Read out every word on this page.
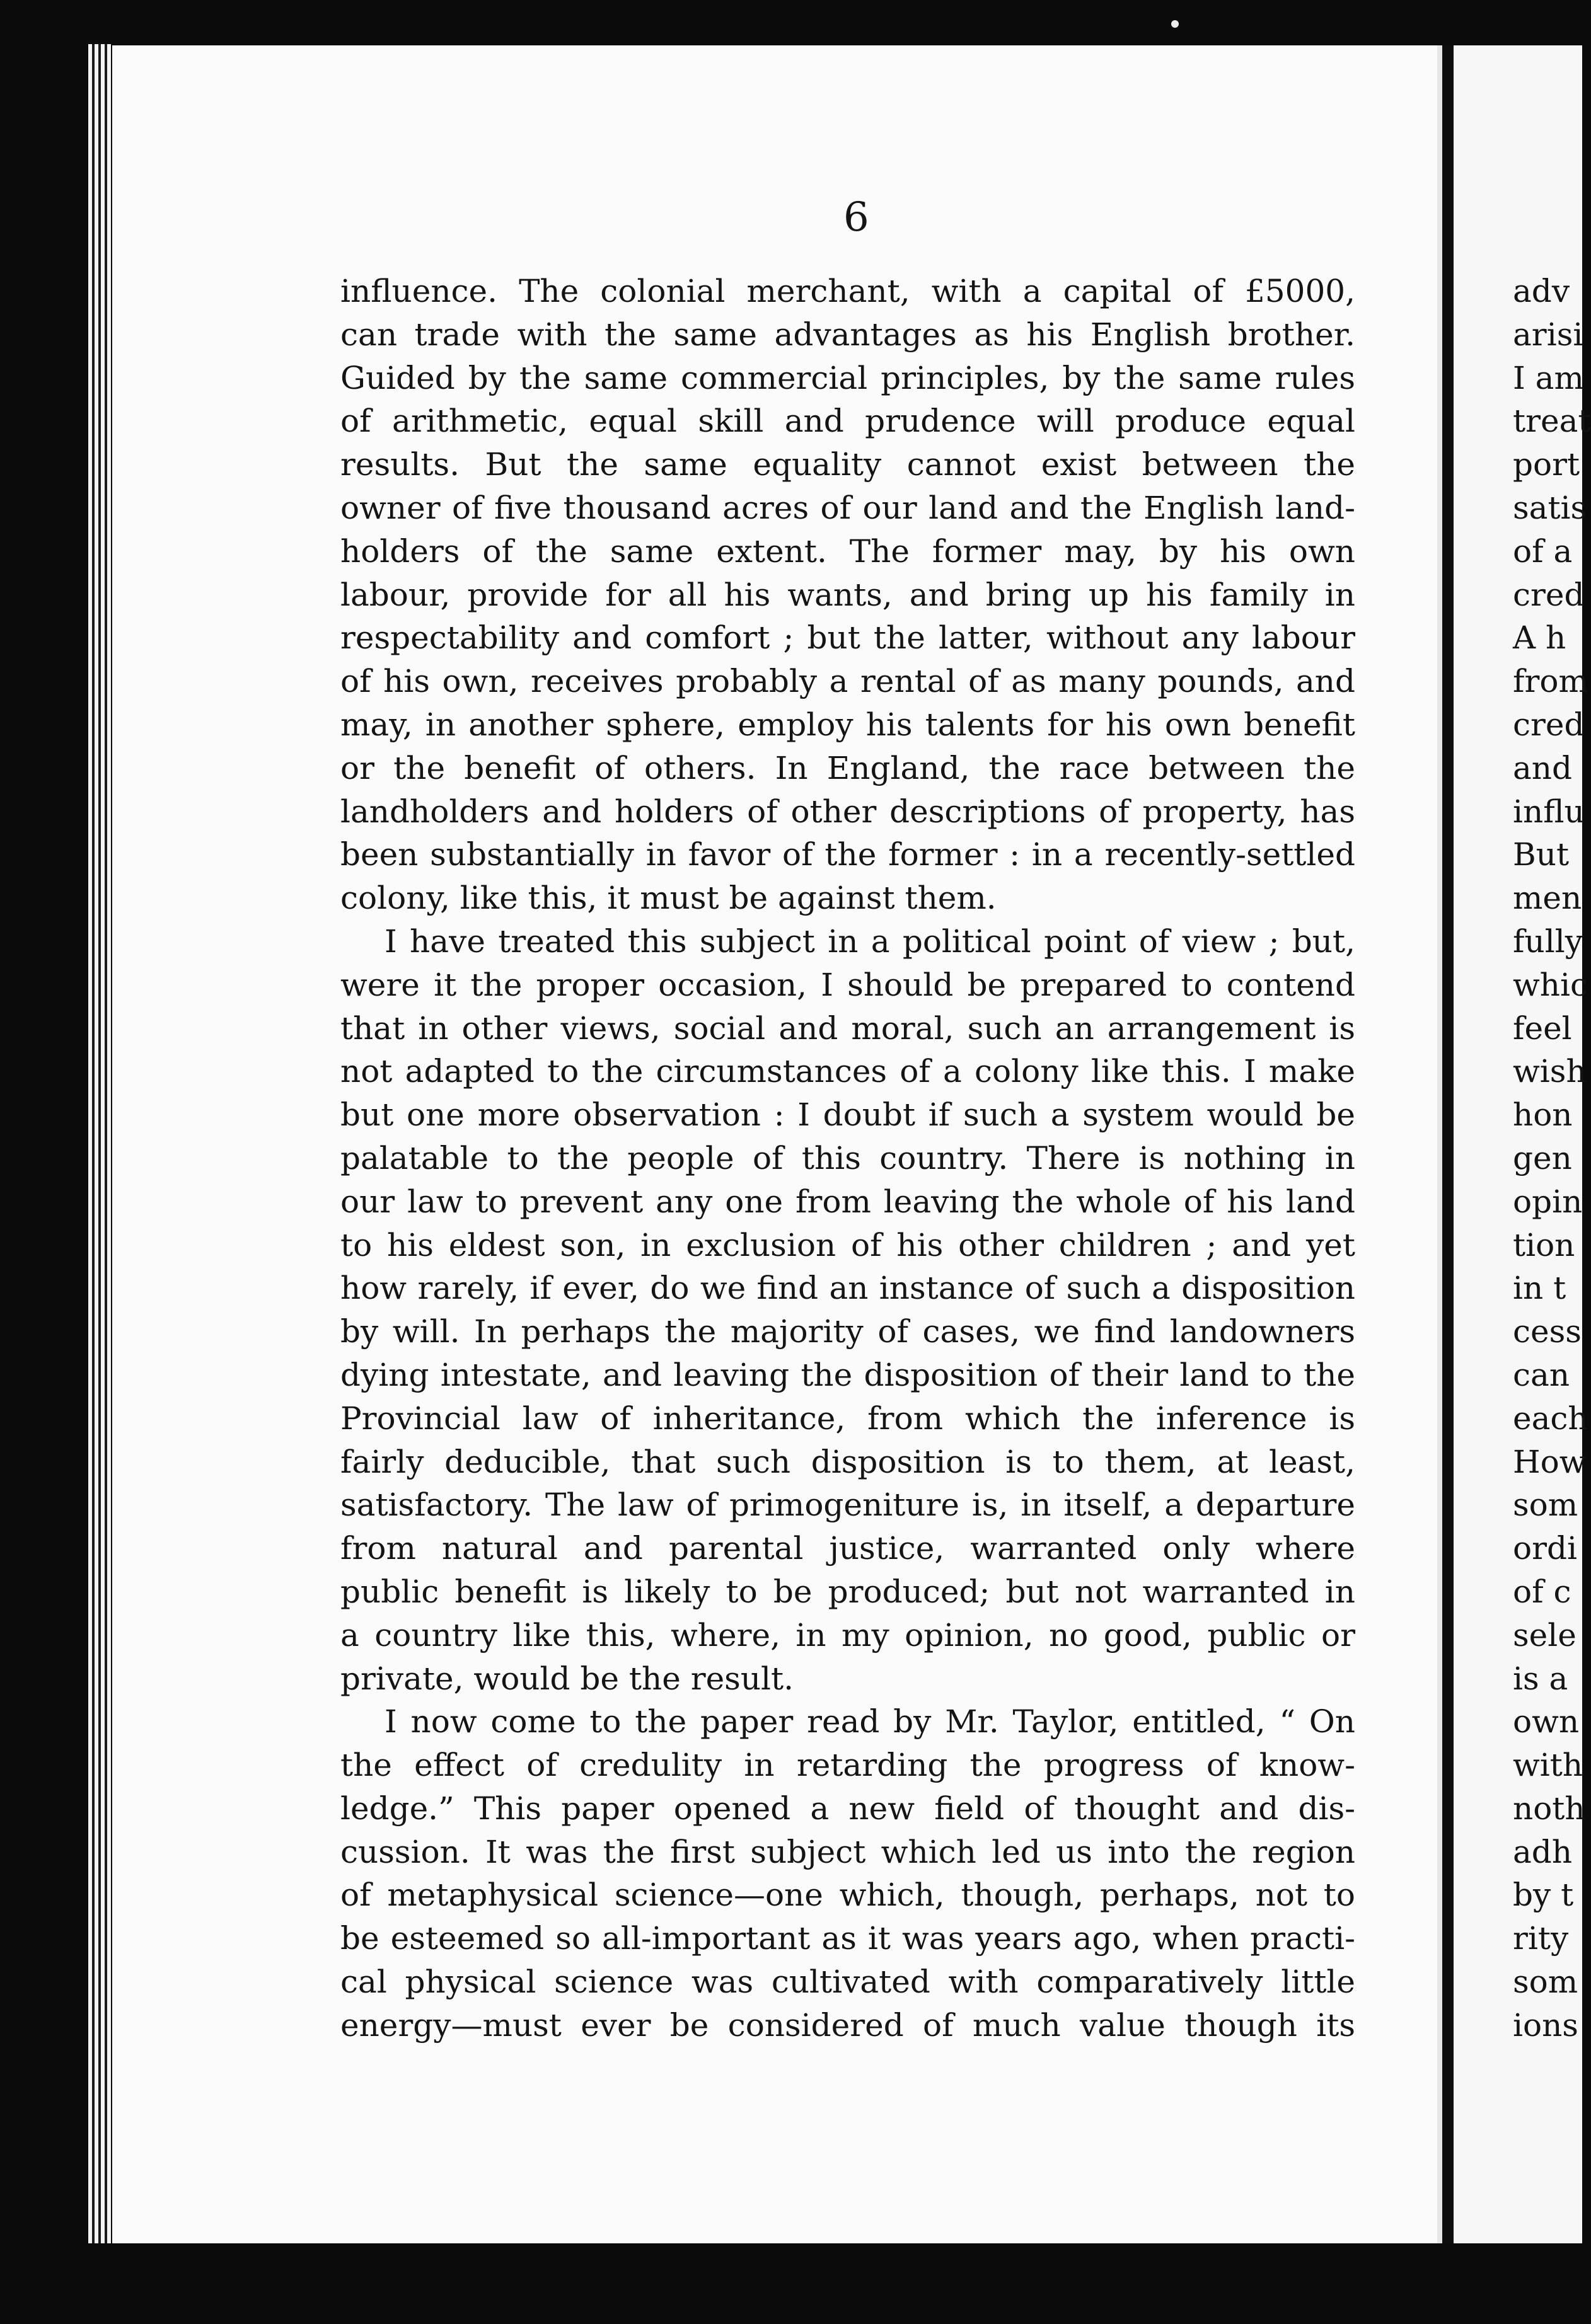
6
influence. The colonial merchant, with a capital of £5000,
can trade with the same advantages as his English brother.
Guided by the same commercial principles, by the same rules
of arithmetic, equal skill and prudence will produce equal
results. But the same equality cannot exist between the
owner of five thousand acres of our land and the English land-
holders of the same extent. The former may, by his own
labour, provide for all his wants, and bring up his family in
respectability and comfort ; but the latter, without any labour
of his own, receives probably a rental of as many pounds, and
may, in another sphere, employ his talents for his own benefit
or the benefit of others. In England, the race between the
landholders and holders of other descriptions of property, has
been substantially in favor of the former : in a recently-settled
colony, like this, it must be against them.
I have treated this subject in a political point of view ; but,
were it the proper occasion, I should be prepared to contend
that in other views, social and moral, such an arrangement is
not adapted to the circumstances of a colony like this. I make
but one more observation : I doubt if such a system would be
palatable to the people of this country. There is nothing in
our law to prevent any one from leaving the whole of his land
to his eldest son, in exclusion of his other children ; and yet
how rarely, if ever, do we find an instance of such a disposition
by will. In perhaps the majority of cases, we find landowners
dying intestate, and leaving the disposition of their land to the
Provincial law of inheritance, from which the inference is
fairly deducible, that such disposition is to them, at least,
satisfactory. The law of primogeniture is, in itself, a departure
from natural and parental justice, warranted only where
public benefit is likely to be produced; but not warranted in
a country like this, where, in my opinion, no good, public or
private, would be the result.
I now come to the paper read by Mr. Taylor, entitled, “ On
the effect of credulity in retarding the progress of know-
ledge.” This paper opened a new field of thought and dis-
cussion. It was the first subject which led us into the region
of metaphysical science—one which, though, perhaps, not to
be esteemed so all-important as it was years ago, when practi-
cal physical science was cultivated with comparatively little
energy—must ever be considered of much value though its
adv
arisi
I am
treat
port
satis
of a
cred
A h
from
cred
and
influ
But
men
fully
whic
feel
wish
hon
gen
opin
tion
in t
cess
can
each
How
som
ordi
of c
sele
is a
own
with
noth
adh
by t
rity
som
ions
